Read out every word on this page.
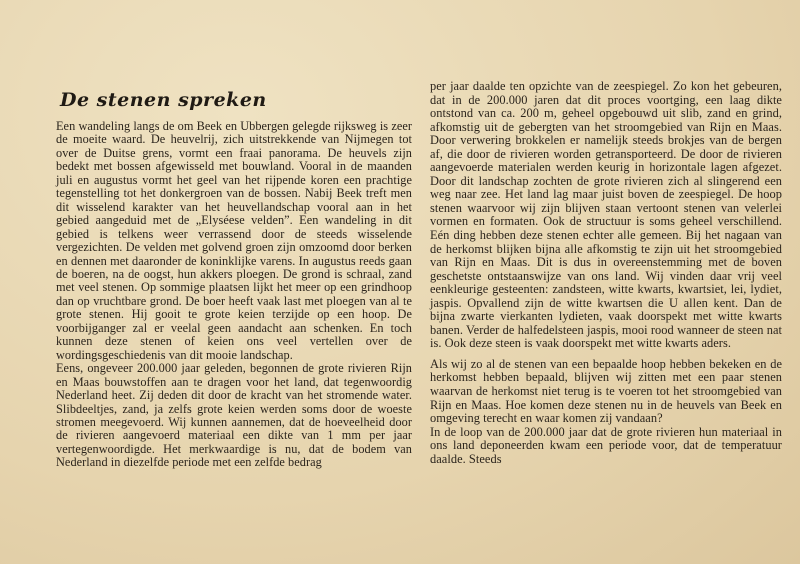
De stenen spreken

Een wandeling langs de om Beek en Ubbergen gelegde rijksweg is zeer de moeite waard. De heuvelrij, zich uitstrekkende van Nijmegen tot over de Duitse grens, vormt een fraai panorama. De heuvels zijn bedekt met bossen afgewisseld met bouwland. Vooral in de maanden juli en augustus vormt het geel van het rijpende koren een prachtige tegenstelling tot het donkergroen van de bossen. Nabij Beek treft men dit wisselend karakter van het heuvellandschap vooral aan in het gebied aangeduid met de „Elyséese velden”. Een wandeling in dit gebied is telkens weer verrassend door de steeds wisselende vergezichten. De velden met golvend groen zijn omzoomd door berken en dennen met daaronder de koninklijke varens. In augustus reeds gaan de boeren, na de oogst, hun akkers ploegen. De grond is schraal, zand met veel stenen. Op sommige plaatsen lijkt het meer op een grindhoop dan op vruchtbare grond. De boer heeft vaak last met ploegen van al te grote stenen. Hij gooit te grote keien terzijde op een hoop. De voorbijganger zal er veelal geen aandacht aan schenken. En toch kunnen deze stenen of keien ons veel vertellen over de wordingsgeschiedenis van dit mooie landschap.

Eens, ongeveer 200.000 jaar geleden, begonnen de grote rivieren Rijn en Maas bouwstoffen aan te dragen voor het land, dat tegenwoordig Nederland heet. Zij deden dit door de kracht van het stromende water. Slibdeeltjes, zand, ja zelfs grote keien werden soms door de woeste stromen meegevoerd. Wij kunnen aannemen, dat de hoeveelheid door de rivieren aangevoerd materiaal een dikte van 1 mm per jaar vertegenwoordigde. Het merkwaardige is nu, dat de bodem van Nederland in diezelfde periode met een zelfde bedrag

per jaar daalde ten opzichte van de zeespiegel. Zo kon het gebeuren, dat in de 200.000 jaren dat dit proces voortging, een laag dikte ontstond van ca. 200 m, geheel opgebouwd uit slib, zand en grind, afkomstig uit de gebergten van het stroomgebied van Rijn en Maas. Door verwering brokkelen er namelijk steeds brokjes van de bergen af, die door de rivieren worden getransporteerd. De door de rivieren aangevoerde materialen werden keurig in horizontale lagen afgezet. Door dit landschap zochten de grote rivieren zich al slingerend een weg naar zee. Het land lag maar juist boven de zeespiegel. De hoop stenen waarvoor wij zijn blijven staan vertoont stenen van velerlei vormen en formaten. Ook de structuur is soms geheel verschillend. Eén ding hebben deze stenen echter alle gemeen. Bij het nagaan van de herkomst blijken bijna alle afkomstig te zijn uit het stroomgebied van Rijn en Maas. Dit is dus in overeenstemming met de boven geschetste ontstaanswijze van ons land. Wij vinden daar vrij veel eenkleurige gesteenten: zandsteen, witte kwarts, kwartsiet, lei, lydiet, jaspis. Opvallend zijn de witte kwartsen die U allen kent. Dan de bijna zwarte vierkanten lydieten, vaak doorspekt met witte kwarts banen. Verder de halfedelsteen jaspis, mooi rood wanneer de steen nat is. Ook deze steen is vaak doorspekt met witte kwarts aders.

Als wij zo al de stenen van een bepaalde hoop hebben bekeken en de herkomst hebben bepaald, blijven wij zitten met een paar stenen waarvan de herkomst niet terug is te voeren tot het stroomgebied van Rijn en Maas. Hoe komen deze stenen nu in de heuvels van Beek en omgeving terecht en waar komen zij vandaan?

In de loop van de 200.000 jaar dat de grote rivieren hun materiaal in ons land deponeerden kwam een periode voor, dat de temperatuur daalde. Steeds
